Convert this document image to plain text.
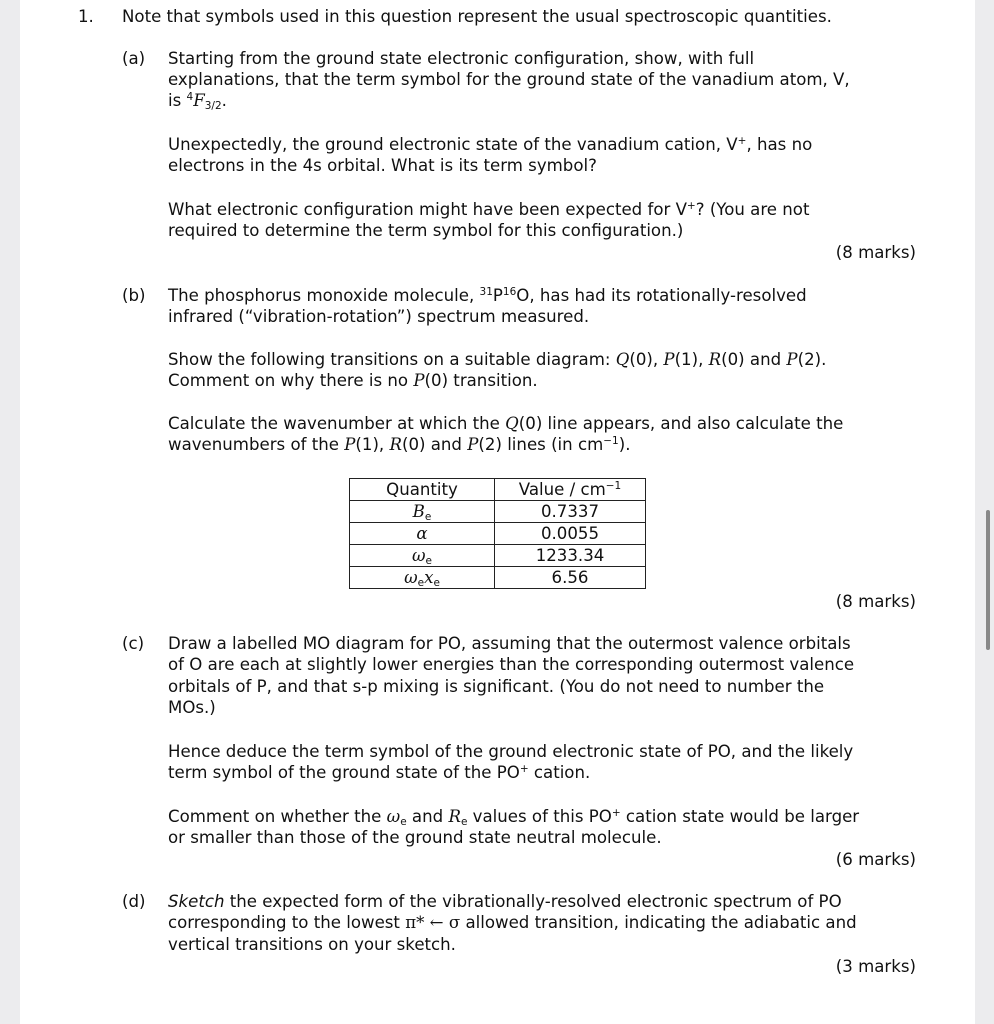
1. Note that symbols used in this question represent the usual spectroscopic quantities.
(a) Starting from the ground state electronic configuration, show, with full
explanations, that the term symbol for the ground state of the vanadium atom, V,
is $^4F_{3/2}$.
Unexpectedly, the ground electronic state of the vanadium cation, V+, has no
electrons in the 4s orbital. What is its term symbol?
What electronic configuration might have been expected for V+? (You are not
required to determine the term symbol for this configuration.)
(8 marks)
(b) The phosphorus monoxide molecule, $^{31}P^{16}O$, has had its rotationally-resolved
infrared (“vibration-rotation”) spectrum measured.
Show the following transitions on a suitable diagram: Q(0), P(1), R(0) and P(2).
Comment on why there is no P(0) transition.
Calculate the wavenumber at which the Q(0) line appears, and also calculate the
wavenumbers of the P(1), R(0) and P(2) lines (in $cm^{-1}$).
Quantity	Value / $cm^{-1}$
$B_e$	0.7337
α	0.0055
$\omega_e$	1233.34
$\omega_ex_e$	6.56
(8 marks)
(c) Draw a labelled MO diagram for PO, assuming that the outermost valence orbitals
of O are each at slightly lower energies than the corresponding outermost valence
orbitals of P, and that s-p mixing is significant. (You do not need to number the
MOs.)
Hence deduce the term symbol of the ground electronic state of PO, and the likely
term symbol of the ground state of the PO+ cation.
Comment on whether the $\omega_e$ and $R_e$ values of this PO+ cation state would be larger
or smaller than those of the ground state neutral molecule.
(6 marks)
(d) Sketch the expected form of the vibrationally-resolved electronic spectrum of PO
corresponding to the lowest π* ← σ allowed transition, indicating the adiabatic and
vertical transitions on your sketch.
(3 marks)
